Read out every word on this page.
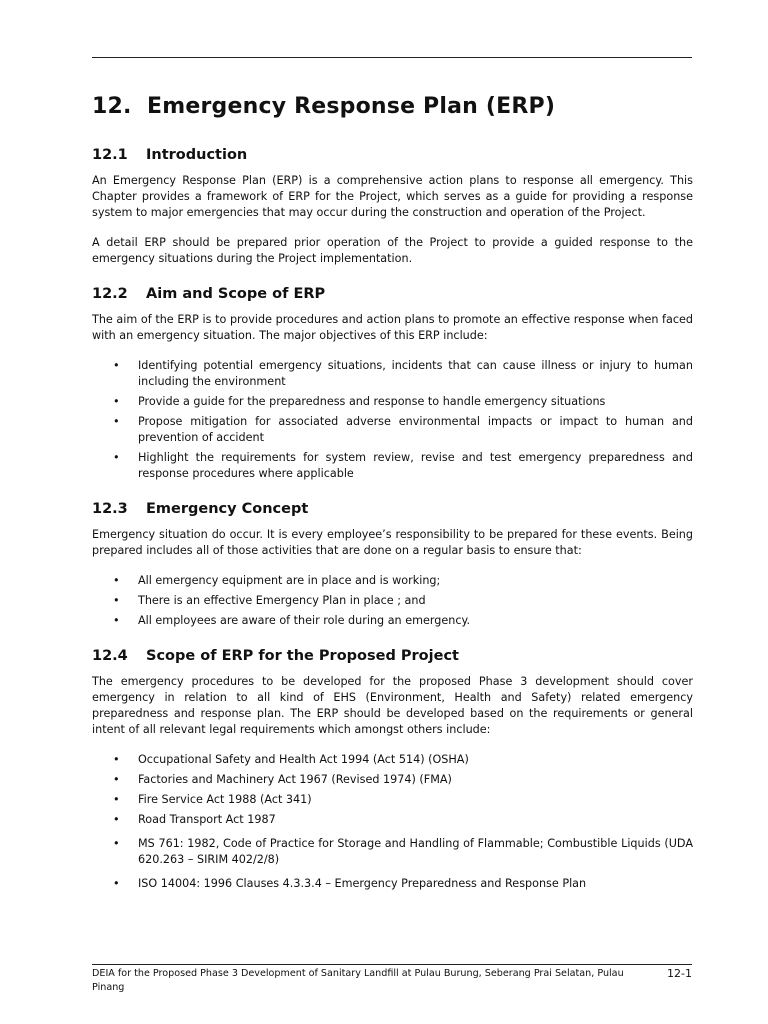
12. Emergency Response Plan (ERP)
12.1 Introduction

An Emergency Response Plan (ERP) is a comprehensive action plans to response all emergency. This Chapter provides a framework of ERP for the Project, which serves as a guide for providing a response system to major emergencies that may occur during the construction and operation of the Project.

A detail ERP should be prepared prior operation of the Project to provide a guided response to the emergency situations during the Project implementation.

12.2 Aim and Scope of ERP

The aim of the ERP is to provide procedures and action plans to promote an effective response when faced with an emergency situation. The major objectives of this ERP include:

• Identifying potential emergency situations, incidents that can cause illness or injury to human including the environment
• Provide a guide for the preparedness and response to handle emergency situations
• Propose mitigation for associated adverse environmental impacts or impact to human and prevention of accident
• Highlight the requirements for system review, revise and test emergency preparedness and response procedures where applicable
12.3 Emergency Concept

Emergency situation do occur. It is every employee’s responsibility to be prepared for these events. Being prepared includes all of those activities that are done on a regular basis to ensure that:

• All emergency equipment are in place and is working;
• There is an effective Emergency Plan in place ; and
• All employees are aware of their role during an emergency.
12.4 Scope of ERP for the Proposed Project

The emergency procedures to be developed for the proposed Phase 3 development should cover emergency in relation to all kind of EHS (Environment, Health and Safety) related emergency preparedness and response plan. The ERP should be developed based on the requirements or general intent of all relevant legal requirements which amongst others include:

• Occupational Safety and Health Act 1994 (Act 514) (OSHA)
• Factories and Machinery Act 1967 (Revised 1974) (FMA)
• Fire Service Act 1988 (Act 341)
• Road Transport Act 1987
• MS 761: 1982, Code of Practice for Storage and Handling of Flammable; Combustible Liquids (UDA 620.263 – SIRIM 402/2/8)
• ISO 14004: 1996 Clauses 4.3.3.4 – Emergency Preparedness and Response Plan
DEIA for the Proposed Phase 3 Development of Sanitary Landfill at Pulau Burung, Seberang Prai Selatan, Pulau Pinang
12-1
